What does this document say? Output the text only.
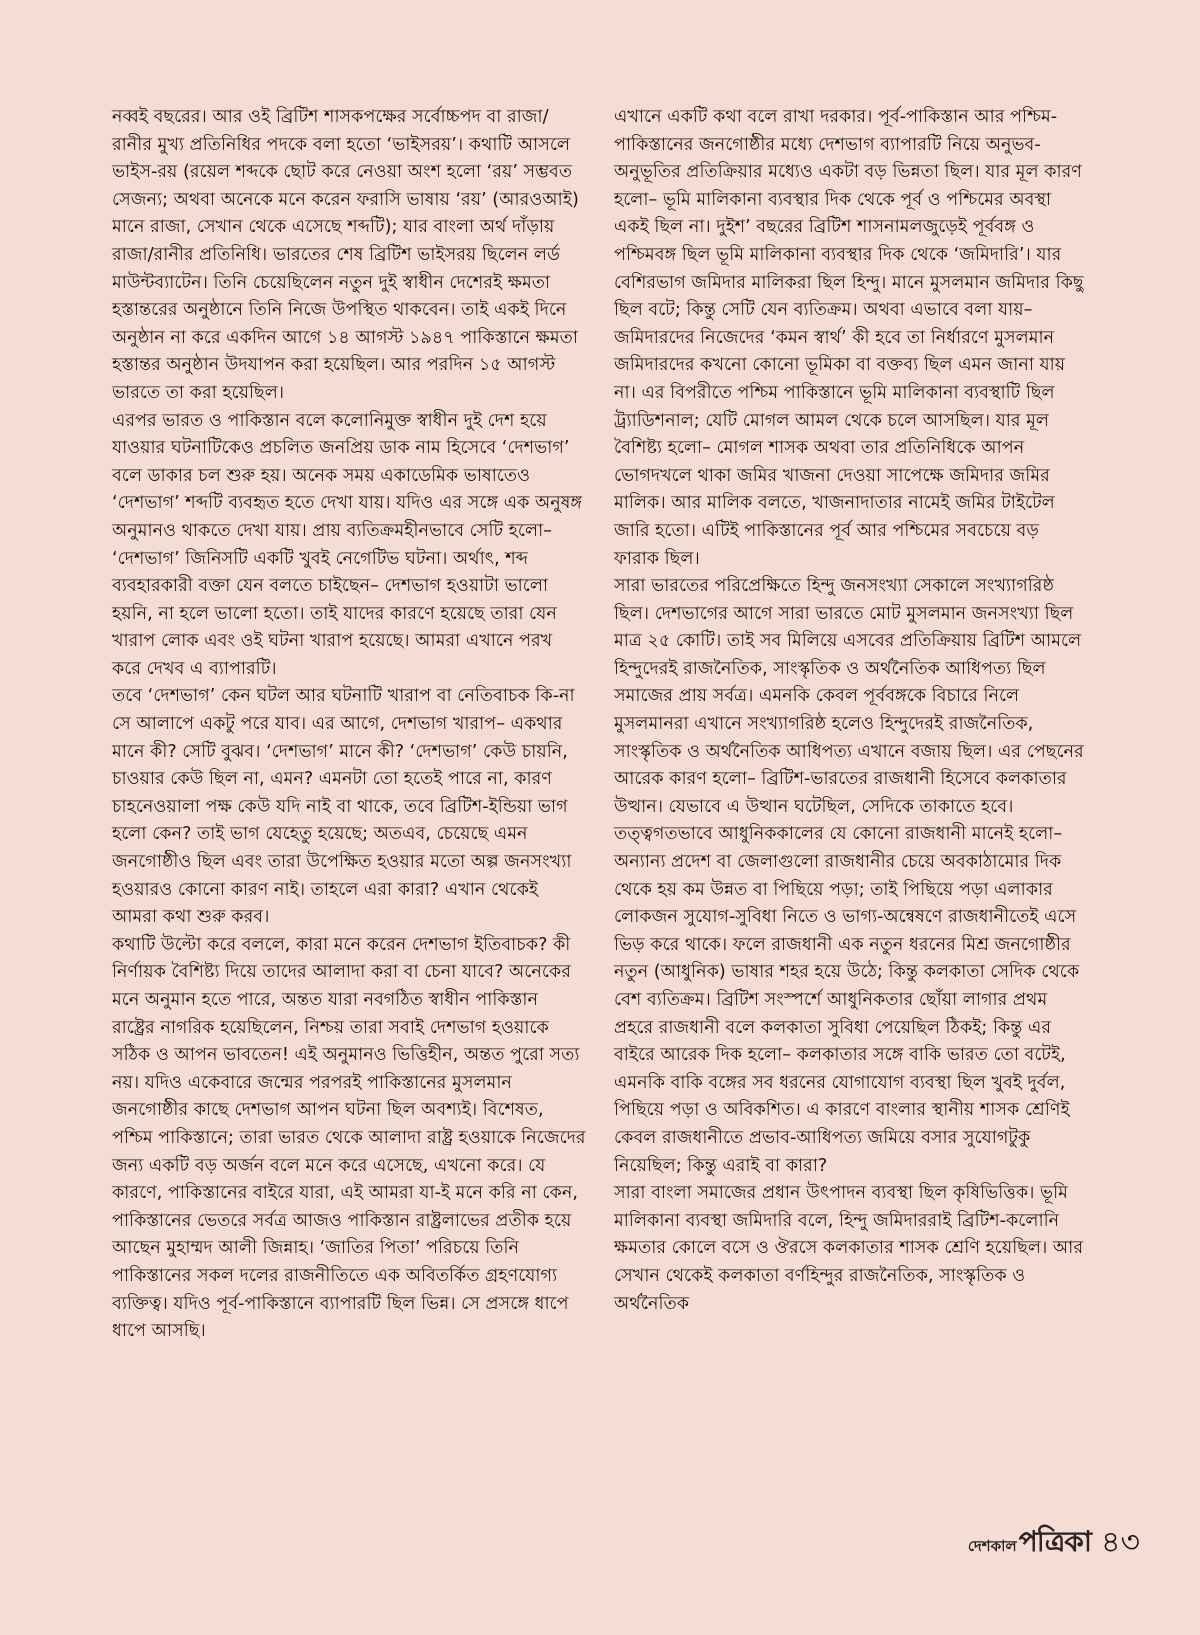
নব্বই বছরের। আর ওই ব্রিটিশ শাসকপক্ষের সর্বোচ্চপদ বা রাজা/রানীর মুখ্য প্রতিনিধির পদকে বলা হতো ‘ভাইসরয়’। কথাটি আসলে ভাইস-রয় (রয়েল শব্দকে ছোট করে নেওয়া অংশ হলো ‘রয়’ সম্ভবত সেজন্য; অথবা অনেকে মনে করেন ফরাসি ভাষায় ‘রয়’ (আরওআই) মানে রাজা, সেখান থেকে এসেছে শব্দটি); যার বাংলা অর্থ দাঁড়ায় রাজা/রানীর প্রতিনিধি। ভারতের শেষ ব্রিটিশ ভাইসরয় ছিলেন লর্ড মাউন্টব্যাটেন। তিনি চেয়েছিলেন নতুন দুই স্বাধীন দেশেরই ক্ষমতা হস্তান্তরের অনুষ্ঠানে তিনি নিজে উপস্থিত থাকবেন। তাই একই দিনে অনুষ্ঠান না করে একদিন আগে ১৪ আগস্ট ১৯৪৭ পাকিস্তানে ক্ষমতা হস্তান্তর অনুষ্ঠান উদযাপন করা হয়েছিল। আর পরদিন ১৫ আগস্ট ভারতে তা করা হয়েছিল।

এরপর ভারত ও পাকিস্তান বলে কলোনিমুক্ত স্বাধীন দুই দেশ হয়ে যাওয়ার ঘটনাটিকেও প্রচলিত জনপ্রিয় ডাক নাম হিসেবে ‘দেশভাগ’ বলে ডাকার চল শুরু হয়। অনেক সময় একাডেমিক ভাষাতেও ‘দেশভাগ’ শব্দটি ব্যবহৃত হতে দেখা যায়। যদিও এর সঙ্গে এক অনুষঙ্গ অনুমানও থাকতে দেখা যায়। প্রায় ব্যতিক্রমহীনভাবে সেটি হলো– ‘দেশভাগ’ জিনিসটি একটি খুবই নেগেটিভ ঘটনা। অর্থাৎ, শব্দ ব্যবহারকারী বক্তা যেন বলতে চাইছেন– দেশভাগ হওয়াটা ভালো হয়নি, না হলে ভালো হতো। তাই যাদের কারণে হয়েছে তারা যেন খারাপ লোক এবং ওই ঘটনা খারাপ হয়েছে। আমরা এখানে পরখ করে দেখব এ ব্যাপারটি।

তবে ‘দেশভাগ’ কেন ঘটল আর ঘটনাটি খারাপ বা নেতিবাচক কি-না সে আলাপে একটু পরে যাব। এর আগে, দেশভাগ খারাপ– একথার মানে কী? সেটি বুঝব। ‘দেশভাগ’ মানে কী? ‘দেশভাগ’ কেউ চায়নি, চাওয়ার কেউ ছিল না, এমন? এমনটা তো হতেই পারে না, কারণ চাহনেওয়ালা পক্ষ কেউ যদি নাই বা থাকে, তবে ব্রিটিশ-ইন্ডিয়া ভাগ হলো কেন? তাই ভাগ যেহেতু হয়েছে; অতএব, চেয়েছে এমন জনগোষ্ঠীও ছিল এবং তারা উপেক্ষিত হওয়ার মতো অল্প জনসংখ্যা হওয়ারও কোনো কারণ নাই। তাহলে এরা কারা? এখান থেকেই আমরা কথা শুরু করব।

কথাটি উল্টো করে বললে, কারা মনে করেন দেশভাগ ইতিবাচক? কী নির্ণায়ক বৈশিষ্ট্য দিয়ে তাদের আলাদা করা বা চেনা যাবে? অনেকের মনে অনুমান হতে পারে, অন্তত যারা নবগঠিত স্বাধীন পাকিস্তান রাষ্ট্রের নাগরিক হয়েছিলেন, নিশ্চয় তারা সবাই দেশভাগ হওয়াকে সঠিক ও আপন ভাবতেন! এই অনুমানও ভিত্তিহীন, অন্তত পুরো সত্য নয়। যদিও একেবারে জন্মের পরপরই পাকিস্তানের মুসলমান জনগোষ্ঠীর কাছে দেশভাগ আপন ঘটনা ছিল অবশ্যই। বিশেষত, পশ্চিম পাকিস্তানে; তারা ভারত থেকে আলাদা রাষ্ট্র হওয়াকে নিজেদের জন্য একটি বড় অর্জন বলে মনে করে এসেছে, এখনো করে। যে কারণে, পাকিস্তানের বাইরে যারা, এই আমরা যা-ই মনে করি না কেন, পাকিস্তানের ভেতরে সর্বত্র আজও পাকিস্তান রাষ্ট্রলাভের প্রতীক হয়ে আছেন মুহাম্মদ আলী জিন্নাহ। ‘জাতির পিতা’ পরিচয়ে তিনি পাকিস্তানের সকল দলের রাজনীতিতে এক অবিতর্কিত গ্রহণযোগ্য ব্যক্তিত্ব। যদিও পূর্ব-পাকিস্তানে ব্যাপারটি ছিল ভিন্ন। সে প্রসঙ্গে ধাপে ধাপে আসছি।

এখানে একটি কথা বলে রাখা দরকার। পূর্ব-পাকিস্তান আর পশ্চিম-পাকিস্তানের জনগোষ্ঠীর মধ্যে দেশভাগ ব্যাপারটি নিয়ে অনুভব-অনুভূতির প্রতিক্রিয়ার মধ্যেও একটা বড় ভিন্নতা ছিল। যার মূল কারণ হলো– ভূমি মালিকানা ব্যবস্থার দিক থেকে পূর্ব ও পশ্চিমের অবস্থা একই ছিল না। দুইশ’ বছরের ব্রিটিশ শাসনামলজুড়েই পূর্ববঙ্গ ও পশ্চিমবঙ্গ ছিল ভূমি মালিকানা ব্যবস্থার দিক থেকে ‘জমিদারি’। যার বেশিরভাগ জমিদার মালিকরা ছিল হিন্দু। মানে মুসলমান জমিদার কিছু ছিল বটে; কিন্তু সেটি যেন ব্যতিক্রম। অথবা এভাবে বলা যায়– জমিদারদের নিজেদের ‘কমন স্বার্থ’ কী হবে তা নির্ধারণে মুসলমান জমিদারদের কখনো কোনো ভূমিকা বা বক্তব্য ছিল এমন জানা যায় না। এর বিপরীতে পশ্চিম পাকিস্তানে ভূমি মালিকানা ব্যবস্থাটি ছিল ট্র্যাডিশনাল; যেটি মোগল আমল থেকে চলে আসছিল। যার মূল বৈশিষ্ট্য হলো– মোগল শাসক অথবা তার প্রতিনিধিকে আপন ভোগদখলে থাকা জমির খাজনা দেওয়া সাপেক্ষে জমিদার জমির মালিক। আর মালিক বলতে, খাজনাদাতার নামেই জমির টাইটেল জারি হতো। এটিই পাকিস্তানের পূর্ব আর পশ্চিমের সবচেয়ে বড় ফারাক ছিল।

সারা ভারতের পরিপ্রেক্ষিতে হিন্দু জনসংখ্যা সেকালে সংখ্যাগরিষ্ঠ ছিল। দেশভাগের আগে সারা ভারতে মোট মুসলমান জনসংখ্যা ছিল মাত্র ২৫ কোটি। তাই সব মিলিয়ে এসবের প্রতিক্রিয়ায় ব্রিটিশ আমলে হিন্দুদেরই রাজনৈতিক, সাংস্কৃতিক ও অর্থনৈতিক আধিপত্য ছিল সমাজের প্রায় সর্বত্র। এমনকি কেবল পূর্ববঙ্গকে বিচারে নিলে মুসলমানরা এখানে সংখ্যাগরিষ্ঠ হলেও হিন্দুদেরই রাজনৈতিক, সাংস্কৃতিক ও অর্থনৈতিক আধিপত্য এখানে বজায় ছিল। এর পেছনের আরেক কারণ হলো– ব্রিটিশ-ভারতের রাজধানী হিসেবে কলকাতার উত্থান। যেভাবে এ উত্থান ঘটেছিল, সেদিকে তাকাতে হবে।

তত্ত্বগতভাবে আধুনিককালের যে কোনো রাজধানী মানেই হলো– অন্যান্য প্রদেশ বা জেলাগুলো রাজধানীর চেয়ে অবকাঠামোর দিক থেকে হয় কম উন্নত বা পিছিয়ে পড়া; তাই পিছিয়ে পড়া এলাকার লোকজন সুযোগ-সুবিধা নিতে ও ভাগ্য-অন্বেষণে রাজধানীতেই এসে ভিড় করে থাকে। ফলে রাজধানী এক নতুন ধরনের মিশ্র জনগোষ্ঠীর নতুন (আধুনিক) ভাষার শহর হয়ে উঠে; কিন্তু কলকাতা সেদিক থেকে বেশ ব্যতিক্রম। ব্রিটিশ সংস্পর্শে আধুনিকতার ছোঁয়া লাগার প্রথম প্রহরে রাজধানী বলে কলকাতা সুবিধা পেয়েছিল ঠিকই; কিন্তু এর বাইরে আরেক দিক হলো– কলকাতার সঙ্গে বাকি ভারত তো বটেই, এমনকি বাকি বঙ্গের সব ধরনের যোগাযোগ ব্যবস্থা ছিল খুবই দুর্বল, পিছিয়ে পড়া ও অবিকশিত। এ কারণে বাংলার স্থানীয় শাসক শ্রেণিই কেবল রাজধানীতে প্রভাব-আধিপত্য জমিয়ে বসার সুযোগটুকু নিয়েছিল; কিন্তু এরাই বা কারা?

সারা বাংলা সমাজের প্রধান উৎপাদন ব্যবস্থা ছিল কৃষিভিত্তিক। ভূমি মালিকানা ব্যবস্থা জমিদারি বলে, হিন্দু জমিদাররাই ব্রিটিশ-কলোনি ক্ষমতার কোলে বসে ও ঔরসে কলকাতার শাসক শ্রেণি হয়েছিল। আর সেখান থেকেই কলকাতা বর্ণহিন্দুর রাজনৈতিক, সাংস্কৃতিক ও অর্থনৈতিক

দেশকাল পত্রিকা ৪৩
